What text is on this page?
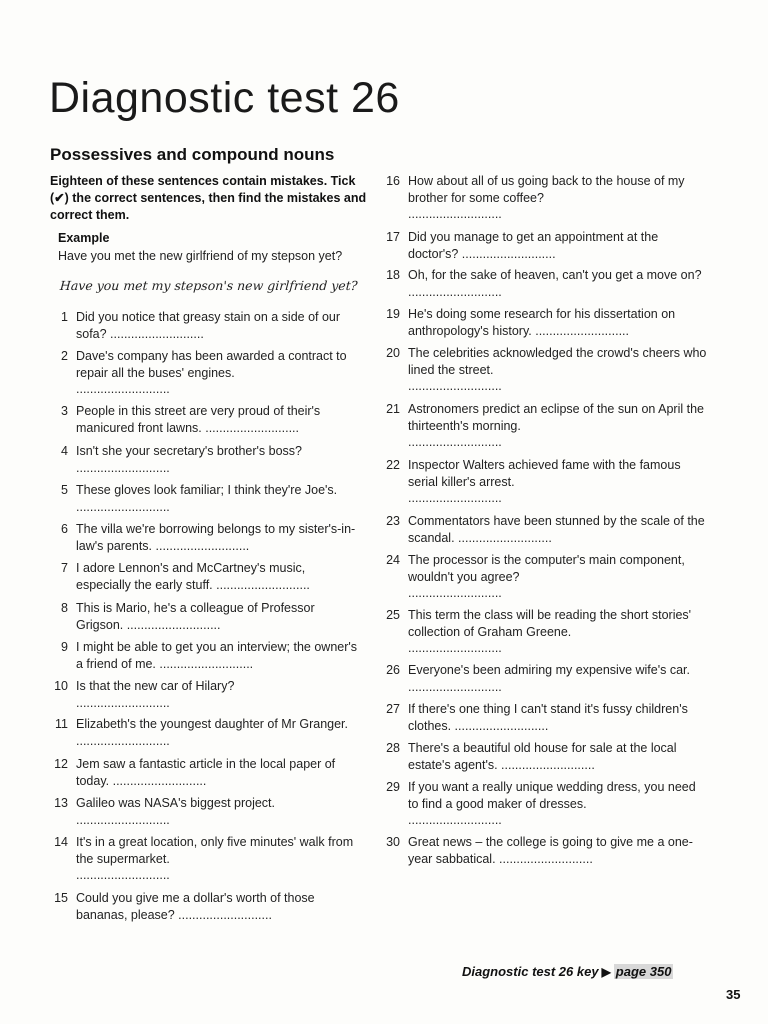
Diagnostic test 26
Possessives and compound nouns
Eighteen of these sentences contain mistakes. Tick (✔) the correct sentences, then find the mistakes and correct them.
Example
Have you met the new girlfriend of my stepson yet?
Have you met my stepson's new girlfriend yet?
1 Did you notice that greasy stain on a side of our sofa? ...........................
2 Dave's company has been awarded a contract to repair all the buses' engines.
...........................
3 People in this street are very proud of their's manicured front lawns. ...........................
4 Isn't she your secretary's brother's boss?
...........................
5 These gloves look familiar; I think they're Joe's. ...........................
6 The villa we're borrowing belongs to my sister's-in-law's parents. ...........................
7 I adore Lennon's and McCartney's music, especially the early stuff. ...........................
8 This is Mario, he's a colleague of Professor Grigson. ...........................
9 I might be able to get you an interview; the owner's a friend of me. ...........................
10 Is that the new car of Hilary?
...........................
11 Elizabeth's the youngest daughter of Mr Granger. ...........................
12 Jem saw a fantastic article in the local paper of today. ...........................
13 Galileo was NASA's biggest project.
...........................
14 It's in a great location, only five minutes' walk from the supermarket.
...........................
15 Could you give me a dollar's worth of those bananas, please? ...........................
16 How about all of us going back to the house of my brother for some coffee?
...........................
17 Did you manage to get an appointment at the doctor's? ...........................
18 Oh, for the sake of heaven, can't you get a move on? ...........................
19 He's doing some research for his dissertation on anthropology's history. ...........................
20 The celebrities acknowledged the crowd's cheers who lined the street.
...........................
21 Astronomers predict an eclipse of the sun on April the thirteenth's morning.
...........................
22 Inspector Walters achieved fame with the famous serial killer's arrest.
...........................
23 Commentators have been stunned by the scale of the scandal. ...........................
24 The processor is the computer's main component, wouldn't you agree?
...........................
25 This term the class will be reading the short stories' collection of Graham Greene.
...........................
26 Everyone's been admiring my expensive wife's car. ...........................
27 If there's one thing I can't stand it's fussy children's clothes. ...........................
28 There's a beautiful old house for sale at the local estate's agent's. ...........................
29 If you want a really unique wedding dress, you need to find a good maker of dresses.
...........................
30 Great news – the college is going to give me a one-year sabbatical. ...........................
Diagnostic test 26 key ▶ page 350
35
